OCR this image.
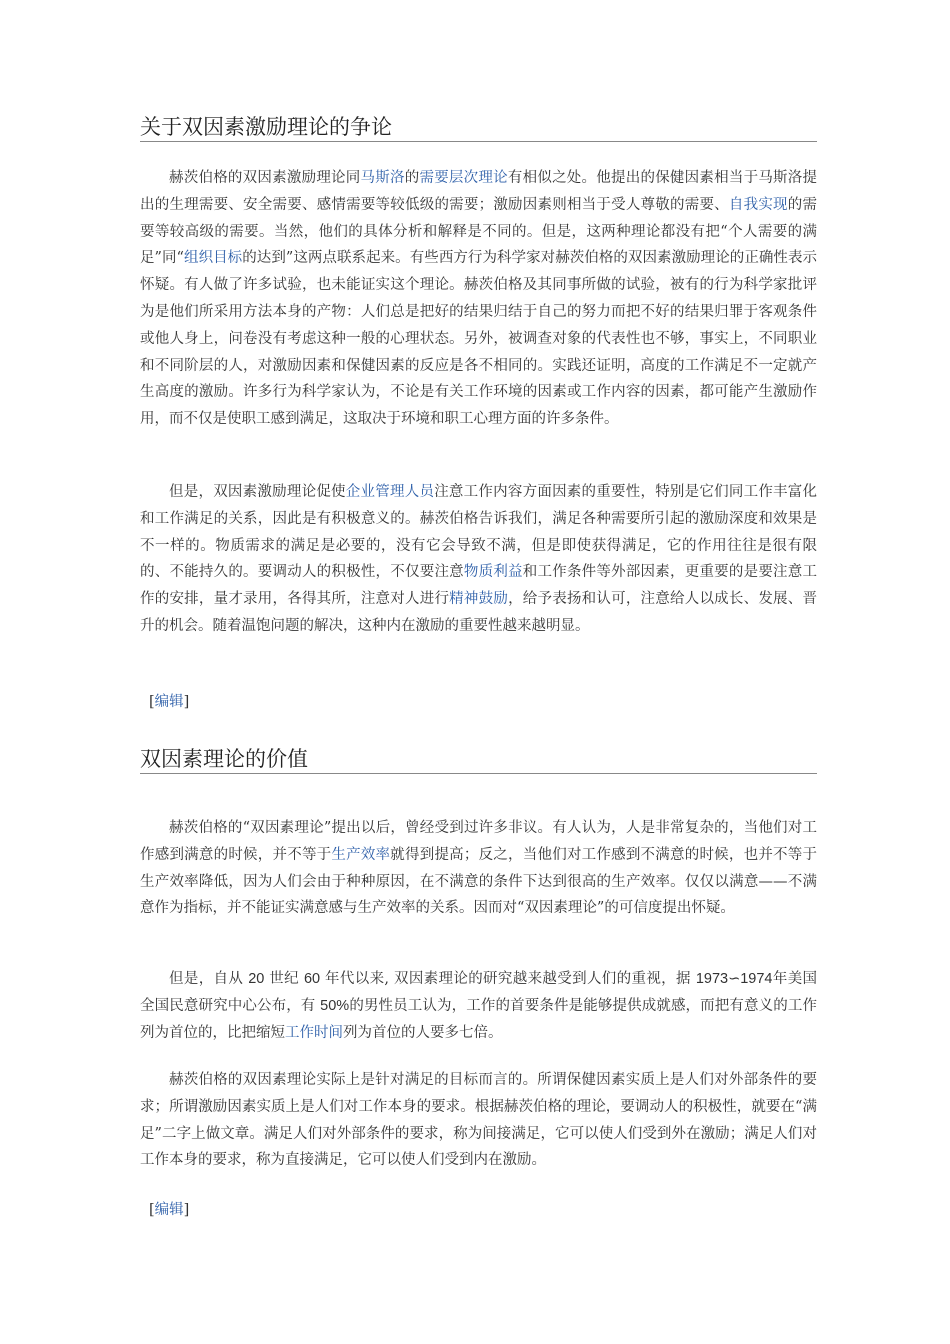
关于双因素激励理论的争论

赫茨伯格的双因素激励理论同马斯洛的需要层次理论有相似之处。他提出的保健因素相当于马斯洛提出的生理需要、安全需要、感情需要等较低级的需要；激励因素则相当于受人尊敬的需要、自我实现的需要等较高级的需要。当然，他们的具体分析和解释是不同的。但是，这两种理论都没有把“个人需要的满足”同“组织目标的达到”这两点联系起来。有些西方行为科学家对赫茨伯格的双因素激励理论的正确性表示怀疑。有人做了许多试验，也未能证实这个理论。赫茨伯格及其同事所做的试验，被有的行为科学家批评为是他们所采用方法本身的产物：人们总是把好的结果归结于自己的努力而把不好的结果归罪于客观条件或他人身上，问卷没有考虑这种一般的心理状态。另外，被调查对象的代表性也不够，事实上，不同职业和不同阶层的人，对激励因素和保健因素的反应是各不相同的。实践还证明，高度的工作满足不一定就产生高度的激励。许多行为科学家认为，不论是有关工作环境的因素或工作内容的因素，都可能产生激励作用，而不仅是使职工感到满足，这取决于环境和职工心理方面的许多条件。

但是，双因素激励理论促使企业管理人员注意工作内容方面因素的重要性，特别是它们同工作丰富化和工作满足的关系，因此是有积极意义的。赫茨伯格告诉我们，满足各种需要所引起的激励深度和效果是不一样的。物质需求的满足是必要的，没有它会导致不满，但是即使获得满足，它的作用往往是很有限的、不能持久的。要调动人的积极性，不仅要注意物质利益和工作条件等外部因素，更重要的是要注意工作的安排，量才录用，各得其所，注意对人进行精神鼓励，给予表扬和认可，注意给人以成长、发展、晋升的机会。随着温饱问题的解决，这种内在激励的重要性越来越明显。

[编辑]

双因素理论的价值

赫茨伯格的“双因素理论”提出以后，曾经受到过许多非议。有人认为，人是非常复杂的，当他们对工作感到满意的时候，并不等于生产效率就得到提高；反之，当他们对工作感到不满意的时候，也并不等于生产效率降低，因为人们会由于种种原因，在不满意的条件下达到很高的生产效率。仅仅以满意——不满意作为指标，并不能证实满意感与生产效率的关系。因而对“双因素理论”的可信度提出怀疑。

但是，自从 20 世纪 60 年代以来, 双因素理论的研究越来越受到人们的重视，据 1973∽1974年美国全国民意研究中心公布，有 50%的男性员工认为，工作的首要条件是能够提供成就感，而把有意义的工作列为首位的，比把缩短工作时间列为首位的人要多七倍。

赫茨伯格的双因素理论实际上是针对满足的目标而言的。所谓保健因素实质上是人们对外部条件的要求；所谓激励因素实质上是人们对工作本身的要求。根据赫茨伯格的理论，要调动人的积极性，就要在“满足”二字上做文章。满足人们对外部条件的要求，称为间接满足，它可以使人们受到外在激励；满足人们对工作本身的要求，称为直接满足，它可以使人们受到内在激励。

[编辑]
